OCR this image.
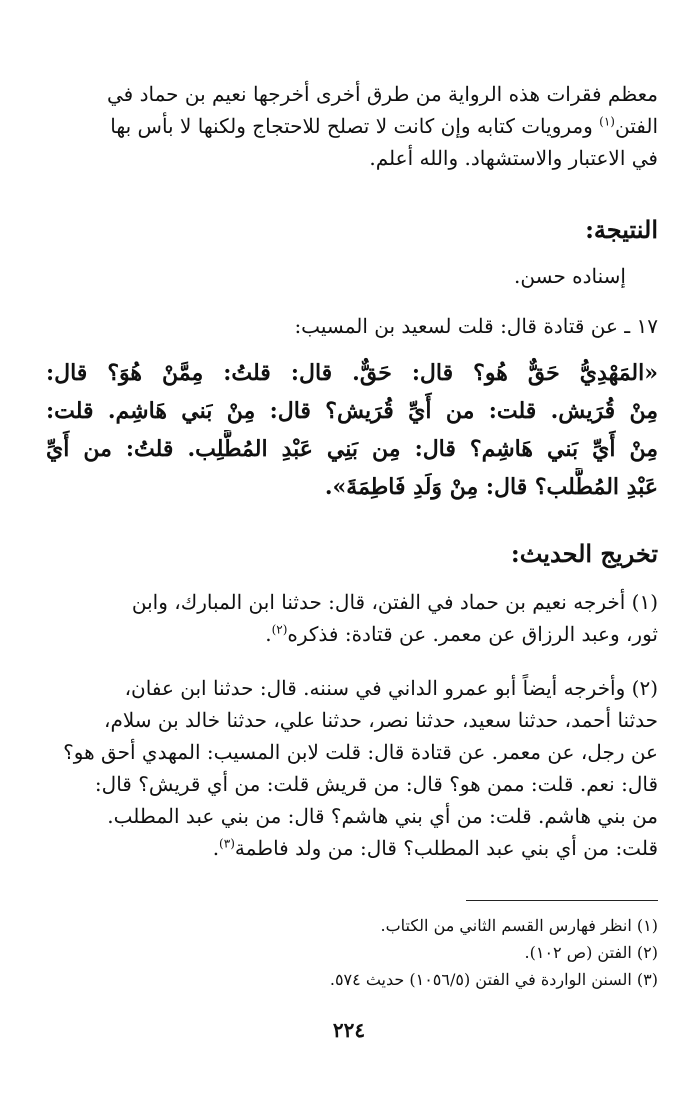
معظم فقرات هذه الرواية من طرق أخرى أخرجها نعيم بن حماد في
الفتن$^{(١)}$ ومرويات كتابه وإن كانت لا تصلح للاحتجاج ولكنها لا بأس بها
في الاعتبار والاستشهاد. والله أعلم.
النتيجة:
إسناده حسن.
١٧ ـ عن قتادة قال: قلت لسعيد بن المسيب:
«المَهْدِيُّ حَقٌّ هُو؟ قال: حَقٌّ. قال: قلتُ: مِمَّنْ هُوَ؟ قال:
مِنْ قُرَيش. قلت: من أَيِّ قُرَيش؟ قال: مِنْ بَني هَاشِم. قلت:
مِنْ أَيِّ بَني هَاشِم؟ قال: مِن بَنِي عَبْدِ المُطَّلِب. قلتُ: من أَيِّ
عَبْدِ المُطَّلب؟ قال: مِنْ وَلَدِ فَاطِمَةَ».
تخريج الحديث:
(١) أخرجه نعيم بن حماد في الفتن، قال: حدثنا ابن المبارك، وابن
ثور، وعبد الرزاق عن معمر. عن قتادة: فذكره$^{(٢)}$.
(٢) وأخرجه أيضاً أبو عمرو الداني في سننه. قال: حدثنا ابن عفان،
حدثنا أحمد، حدثنا سعيد، حدثنا نصر، حدثنا علي، حدثنا خالد بن سلام،
عن رجل، عن معمر. عن قتادة قال: قلت لابن المسيب: المهدي أحق هو؟
قال: نعم. قلت: ممن هو؟ قال: من قريش قلت: من أي قريش؟ قال:
من بني هاشم. قلت: من أي بني هاشم؟ قال: من بني عبد المطلب.
قلت: من أي بني عبد المطلب؟ قال: من ولد فاطمة$^{(٣)}$.
(١) انظر فهارس القسم الثاني من الكتاب.
(٢) الفتن (ص ١٠٢).
(٣) السنن الواردة في الفتن (١٠٥٦/٥) حديث ٥٧٤.
٢٢٤
